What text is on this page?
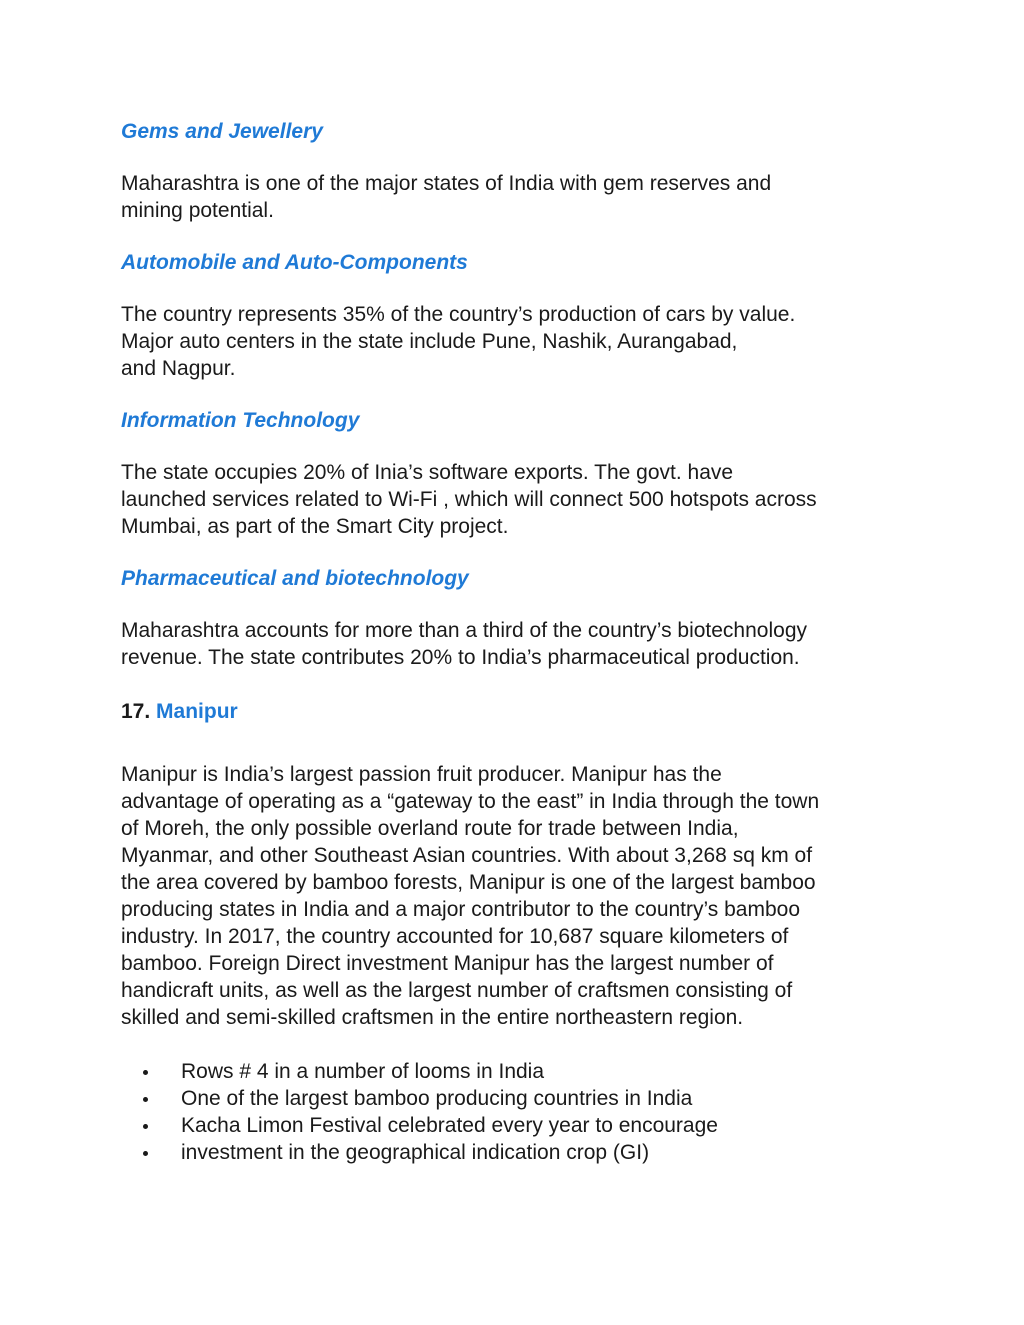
Gems and Jewellery

Maharashtra is one of the major states of India with gem reserves and
mining potential.

Automobile and Auto-Components

The country represents 35% of the country’s production of cars by value.
Major auto centers in the state include Pune, Nashik, Aurangabad,
and Nagpur.

Information Technology

The state occupies 20% of Inia’s software exports. The govt. have
launched services related to Wi-Fi , which will connect 500 hotspots across
Mumbai, as part of the Smart City project.

Pharmaceutical and biotechnology

Maharashtra accounts for more than a third of the country’s biotechnology
revenue. The state contributes 20% to India’s pharmaceutical production.

17. Manipur

Manipur is India’s largest passion fruit producer. Manipur has the
advantage of operating as a “gateway to the east” in India through the town
of Moreh, the only possible overland route for trade between India,
Myanmar, and other Southeast Asian countries. With about 3,268 sq km of
the area covered by bamboo forests, Manipur is one of the largest bamboo
producing states in India and a major contributor to the country’s bamboo
industry. In 2017, the country accounted for 10,687 square kilometers of
bamboo. Foreign Direct investment Manipur has the largest number of
handicraft units, as well as the largest number of craftsmen consisting of
skilled and semi-skilled craftsmen in the entire northeastern region.

Rows # 4 in a number of looms in India
One of the largest bamboo producing countries in India
Kacha Limon Festival celebrated every year to encourage
investment in the geographical indication crop (GI)
